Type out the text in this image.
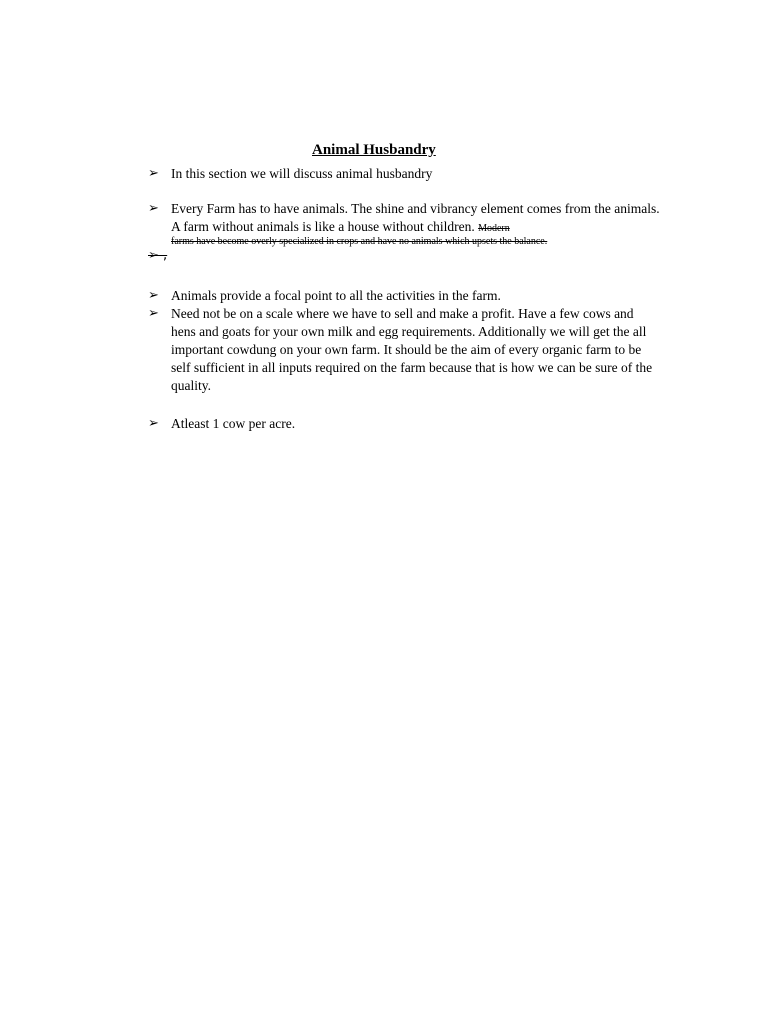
Animal Husbandry
➢ In this section we will discuss animal husbandry
➢ Every Farm has to have animals. The shine and vibrancy element comes from the animals. A farm without animals is like a house without children. Modern
farms have become overly specialized in crops and have no animals which upsets the balance.
➢ ,
➢ Animals provide a focal point to all the activities in the farm.
➢ Need not be on a scale where we have to sell and make a profit. Have a few cows and hens and goats for your own milk and egg requirements. Additionally we will get the all important cowdung on your own farm. It should be the aim of every organic farm to be self sufficient in all inputs required on the farm because that is how we can be sure of the quality.
➢ Atleast 1 cow per acre.
